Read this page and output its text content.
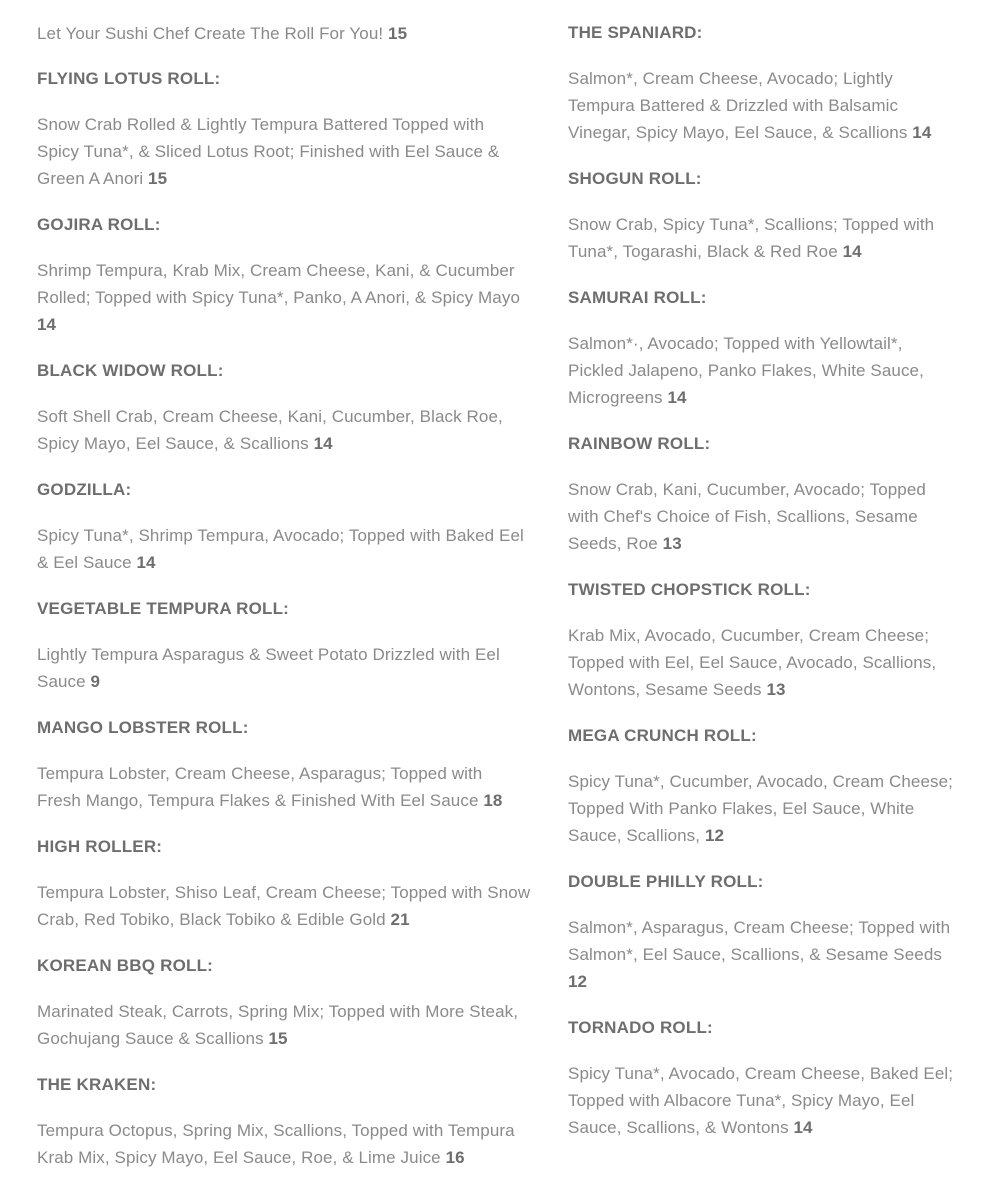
Let Your Sushi Chef Create The Roll For You! 15
FLYING LOTUS ROLL:
Snow Crab Rolled & Lightly Tempura Battered Topped with Spicy Tuna*, & Sliced Lotus Root; Finished with Eel Sauce & Green A Anori 15
GOJIRA ROLL:
Shrimp Tempura, Krab Mix, Cream Cheese, Kani, & Cucumber Rolled; Topped with Spicy Tuna*, Panko, A Anori, & Spicy Mayo 14
BLACK WIDOW ROLL:
Soft Shell Crab, Cream Cheese, Kani, Cucumber, Black Roe, Spicy Mayo, Eel Sauce, & Scallions 14
GODZILLA:
Spicy Tuna*, Shrimp Tempura, Avocado; Topped with Baked Eel & Eel Sauce 14
VEGETABLE TEMPURA ROLL:
Lightly Tempura Asparagus & Sweet Potato Drizzled with Eel Sauce 9
MANGO LOBSTER ROLL:
Tempura Lobster, Cream Cheese, Asparagus; Topped with Fresh Mango, Tempura Flakes & Finished With Eel Sauce 18
HIGH ROLLER:
Tempura Lobster, Shiso Leaf, Cream Cheese; Topped with Snow Crab, Red Tobiko, Black Tobiko & Edible Gold 21
KOREAN BBQ ROLL:
Marinated Steak, Carrots, Spring Mix; Topped with More Steak, Gochujang Sauce & Scallions 15
THE KRAKEN:
Tempura Octopus, Spring Mix, Scallions, Topped with Tempura Krab Mix, Spicy Mayo, Eel Sauce, Roe, & Lime Juice 16
THE SPANIARD:
Salmon*, Cream Cheese, Avocado; Lightly Tempura Battered & Drizzled with Balsamic Vinegar, Spicy Mayo, Eel Sauce, & Scallions 14
SHOGUN ROLL:
Snow Crab, Spicy Tuna*, Scallions; Topped with Tuna*, Togarashi, Black & Red Roe 14
SAMURAI ROLL:
Salmon*·, Avocado; Topped with Yellowtail*, Pickled Jalapeno, Panko Flakes, White Sauce, Microgreens 14
RAINBOW ROLL:
Snow Crab, Kani, Cucumber, Avocado; Topped with Chef's Choice of Fish, Scallions, Sesame Seeds, Roe 13
TWISTED CHOPSTICK ROLL:
Krab Mix, Avocado, Cucumber, Cream Cheese; Topped with Eel, Eel Sauce, Avocado, Scallions, Wontons, Sesame Seeds 13
MEGA CRUNCH ROLL:
Spicy Tuna*, Cucumber, Avocado, Cream Cheese; Topped With Panko Flakes, Eel Sauce, White Sauce, Scallions, 12
DOUBLE PHILLY ROLL:
Salmon*, Asparagus, Cream Cheese; Topped with Salmon*, Eel Sauce, Scallions, & Sesame Seeds 12
TORNADO ROLL:
Spicy Tuna*, Avocado, Cream Cheese, Baked Eel; Topped with Albacore Tuna*, Spicy Mayo, Eel Sauce, Scallions, & Wontons 14
